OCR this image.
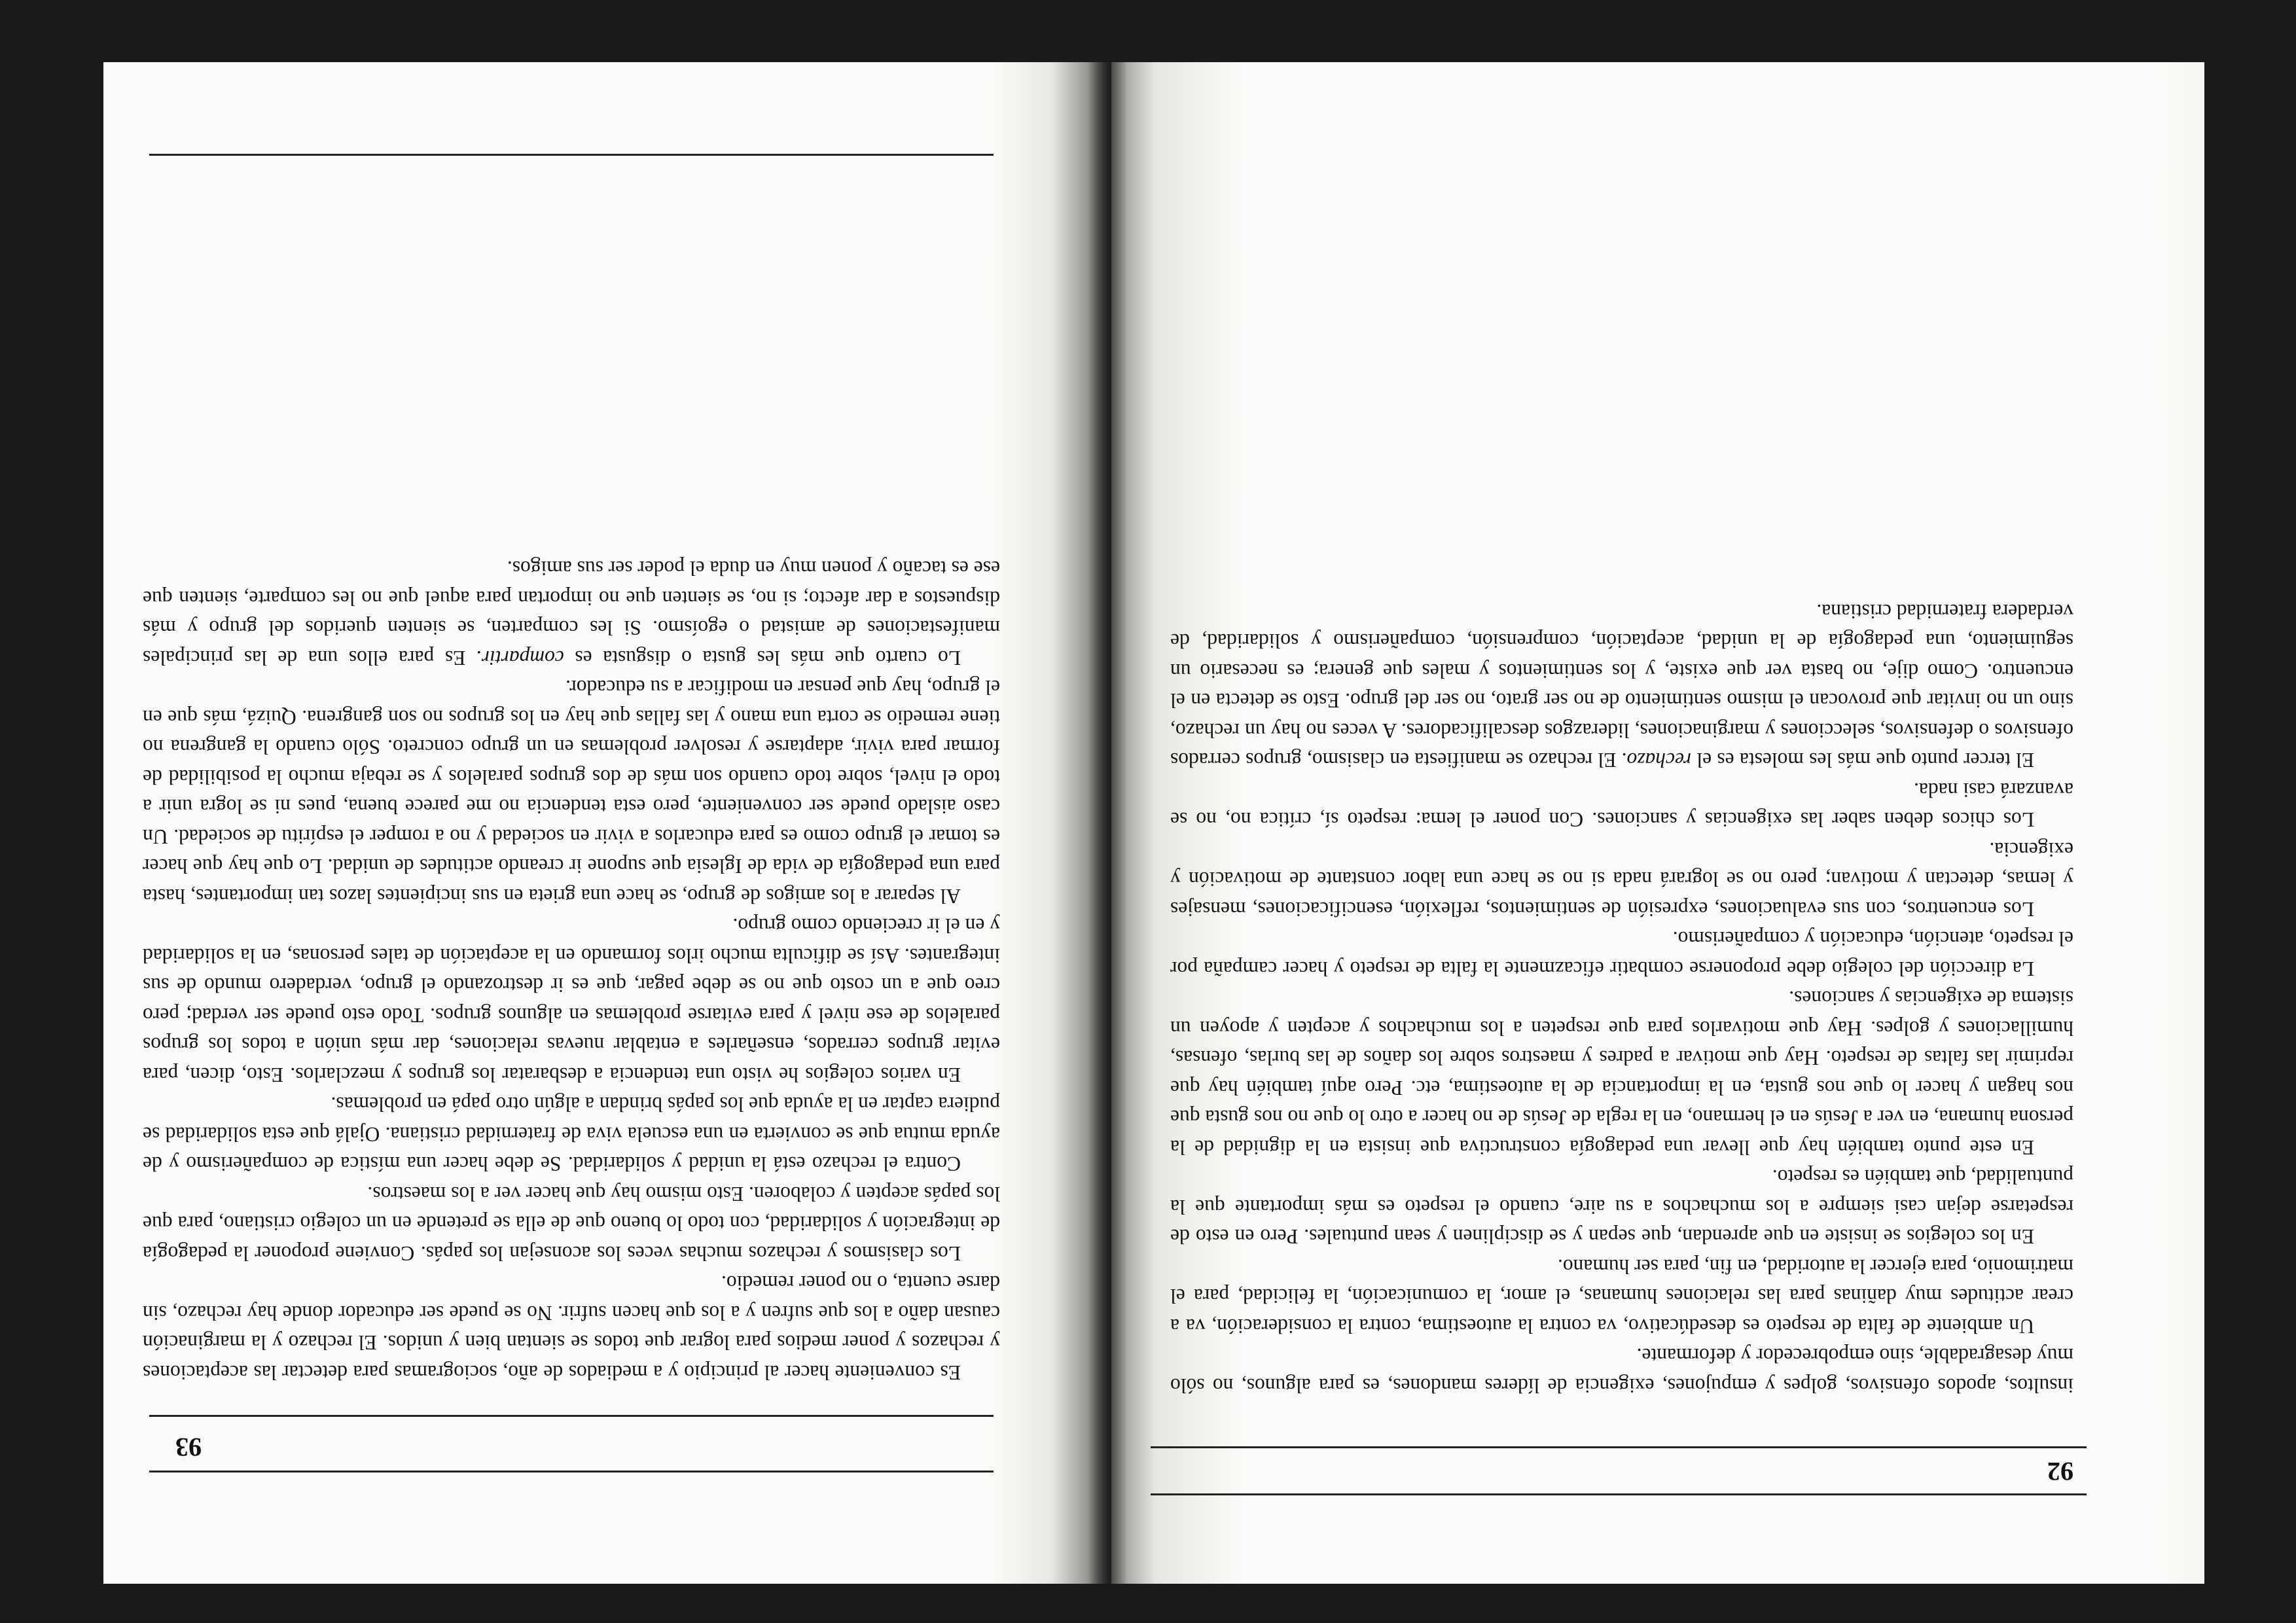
92

insultos, apodos ofensivos, golpes y empujones, exigencia de líderes mandones, es para algunos, no sólo muy desagradable, sino empobrecedor y deformante.

Un ambiente de falta de respeto es desedúcativo, va contra la autoestima, contra la consideración, va a crear actitudes muy dañinas para las relaciones humanas, el amor, la comunicación, la felicidad, para el matrimonio, para ejercer la autoridad, en fin, para ser humano.

En los colegios se insiste en que aprendan, que sepan y se disciplinen y sean puntuales. Pero en esto de respetarse dejan casi siempre a los muchachos a su aire, cuando el respeto es más importante que la puntualidad, que también es respeto.

En este punto también hay que llevar una pedagogía constructiva que insista en la dignidad de la persona humana, en ver a Jesús en el hermano, en la regla de Jesús de no hacer a otro lo que no nos gusta que nos hagan y hacer lo que nos gusta, en la importancia de la autoestima, etc. Pero aquí también hay que reprimir las faltas de respeto. Hay que motivar a padres y maestros sobre los daños de las burlas, ofensas, humillaciones y golpes. Hay que motivarlos para que respeten a los muchachos y acepten y apoyen un sistema de exigencias y sanciones.

La dirección del colegio debe proponerse combatir eficazmente la falta de respeto y hacer campaña por el respeto, atención, educación y compañerismo.

Los encuentros, con sus evaluaciones, expresión de sentimientos, reflexión, esencificaciones, mensajes y lemas, detectan y motivan; pero no se logrará nada si no se hace una labor constante de motivación y exigencia.

Los chicos deben saber las exigencias y sanciones. Con poner el lema: respeto sí, crítica no, no se avanzará casi nada.

El tercer punto que más les molesta es el rechazo. El rechazo se manifiesta en clasismo, grupos cerrados ofensivos o defensivos, selecciones y marginaciones, liderazgos descalificadores. A veces no hay un rechazo, sino un no invitar que provocan el mismo sentimiento de no ser grato, no ser del grupo. Esto se detecta en el encuentro. Como dije, no basta ver que existe, y los sentimientos y males que genera; es necesario un seguimiento, una pedagogía de la unidad, aceptación, comprensión, compañerismo y solidaridad, de verdadera fraternidad cristiana.

93

Es conveniente hacer al principio y a mediados de año, sociogramas para detectar las aceptaciones y rechazos y poner medios para lograr que todos se sientan bien y unidos. El rechazo y la marginación causan daño a los que sufren y a los que hacen sufrir. No se puede ser educador donde hay rechazo, sin darse cuenta, o no poner remedio.

Los clasismos y rechazos muchas veces los aconsejan los papás. Conviene proponer la pedagogía de integración y solidaridad, con todo lo bueno que de ella se pretende en un colegio cristiano, para que los papás acepten y colaboren. Esto mismo hay que hacer ver a los maestros.

Contra el rechazo está la unidad y solidaridad. Se debe hacer una mística de compañerismo y de ayuda mutua que se convierta en una escuela viva de fraternidad cristiana. Ojalá que esta solidaridad se pudiera captar en la ayuda que los papás brindan a algún otro papá en problemas.

En varios colegios he visto una tendencia a desbaratar los grupos y mezclarlos. Esto, dicen, para evitar grupos cerrados, enseñarles a entablar nuevas relaciones, dar más unión a todos los grupos paralelos de ese nivel y para evitarse problemas en algunos grupos. Todo esto puede ser verdad; pero creo que a un costo que no se debe pagar, que es ir destrozando el grupo, verdadero mundo de sus integrantes. Así se dificulta mucho irlos formando en la aceptación de tales personas, en la solidaridad y en el ir creciendo como grupo.

Al separar a los amigos de grupo, se hace una grieta en sus incipientes lazos tan importantes, hasta para una pedagogía de vida de Iglesia que supone ir creando actitudes de unidad. Lo que hay que hacer es tomar el grupo como es para educarlos a vivir en sociedad y no a romper el espíritu de sociedad. Un caso aislado puede ser conveniente, pero esta tendencia no me parece buena, pues ni se logra unir a todo el nivel, sobre todo cuando son más de dos grupos paralelos y se rebaja mucho la posibilidad de formar para vivir, adaptarse y resolver problemas en un grupo concreto. Sólo cuando la gangrena no tiene remedio se corta una mano y las fallas que hay en los grupos no son gangrena. Quizá, más que en el grupo, hay que pensar en modificar a su educador.

Lo cuarto que más les gusta o disgusta es compartir. Es para ellos una de las principales manifestaciones de amistad o egoísmo. Si les comparten, se sienten queridos del grupo y más dispuestos a dar afecto; si no, se sienten que no importan para aquel que no les comparte, sienten que ese es tacaño y ponen muy en duda el poder ser sus amigos.
